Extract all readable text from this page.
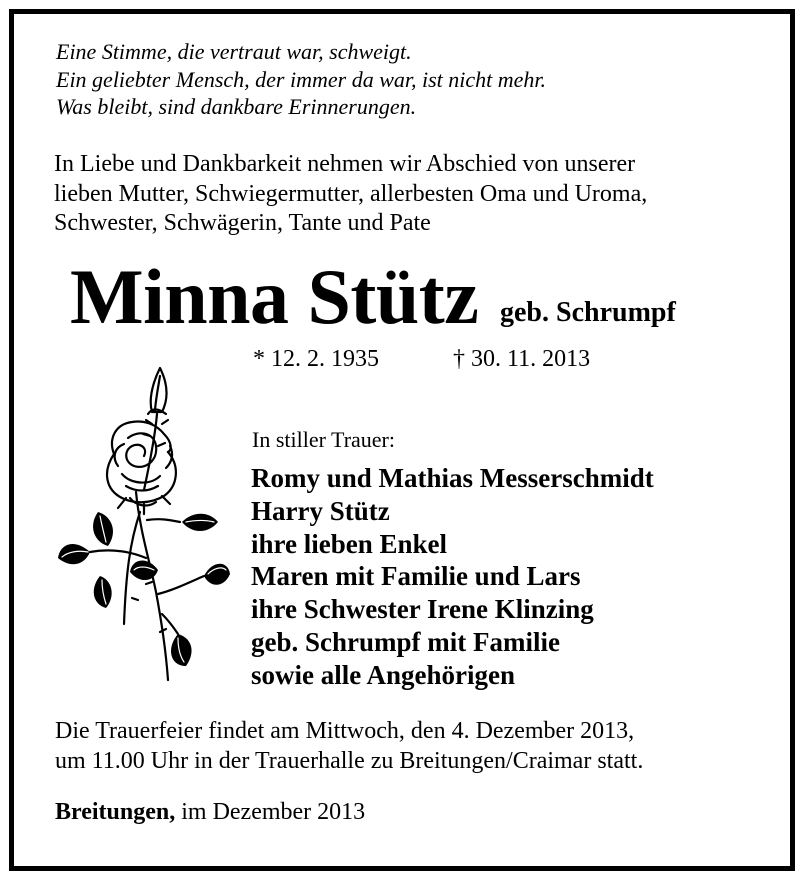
Eine Stimme, die vertraut war, schweigt.
Ein geliebter Mensch, der immer da war, ist nicht mehr.
Was bleibt, sind dankbare Erinnerungen.
In Liebe und Dankbarkeit nehmen wir Abschied von unserer
lieben Mutter, Schwiegermutter, allerbesten Oma und Uroma,
Schwester, Schwägerin, Tante und Pate
Minna Stütz geb. Schrumpf
* 12. 2. 1935	† 30. 11. 2013
In stiller Trauer:
Romy und Mathias Messerschmidt
Harry Stütz
ihre lieben Enkel
Maren mit Familie und Lars
ihre Schwester Irene Klinzing
geb. Schrumpf mit Familie
sowie alle Angehörigen
Die Trauerfeier findet am Mittwoch, den 4. Dezember 2013,
um 11.00 Uhr in der Trauerhalle zu Breitungen/Craimar statt.
Breitungen, im Dezember 2013
